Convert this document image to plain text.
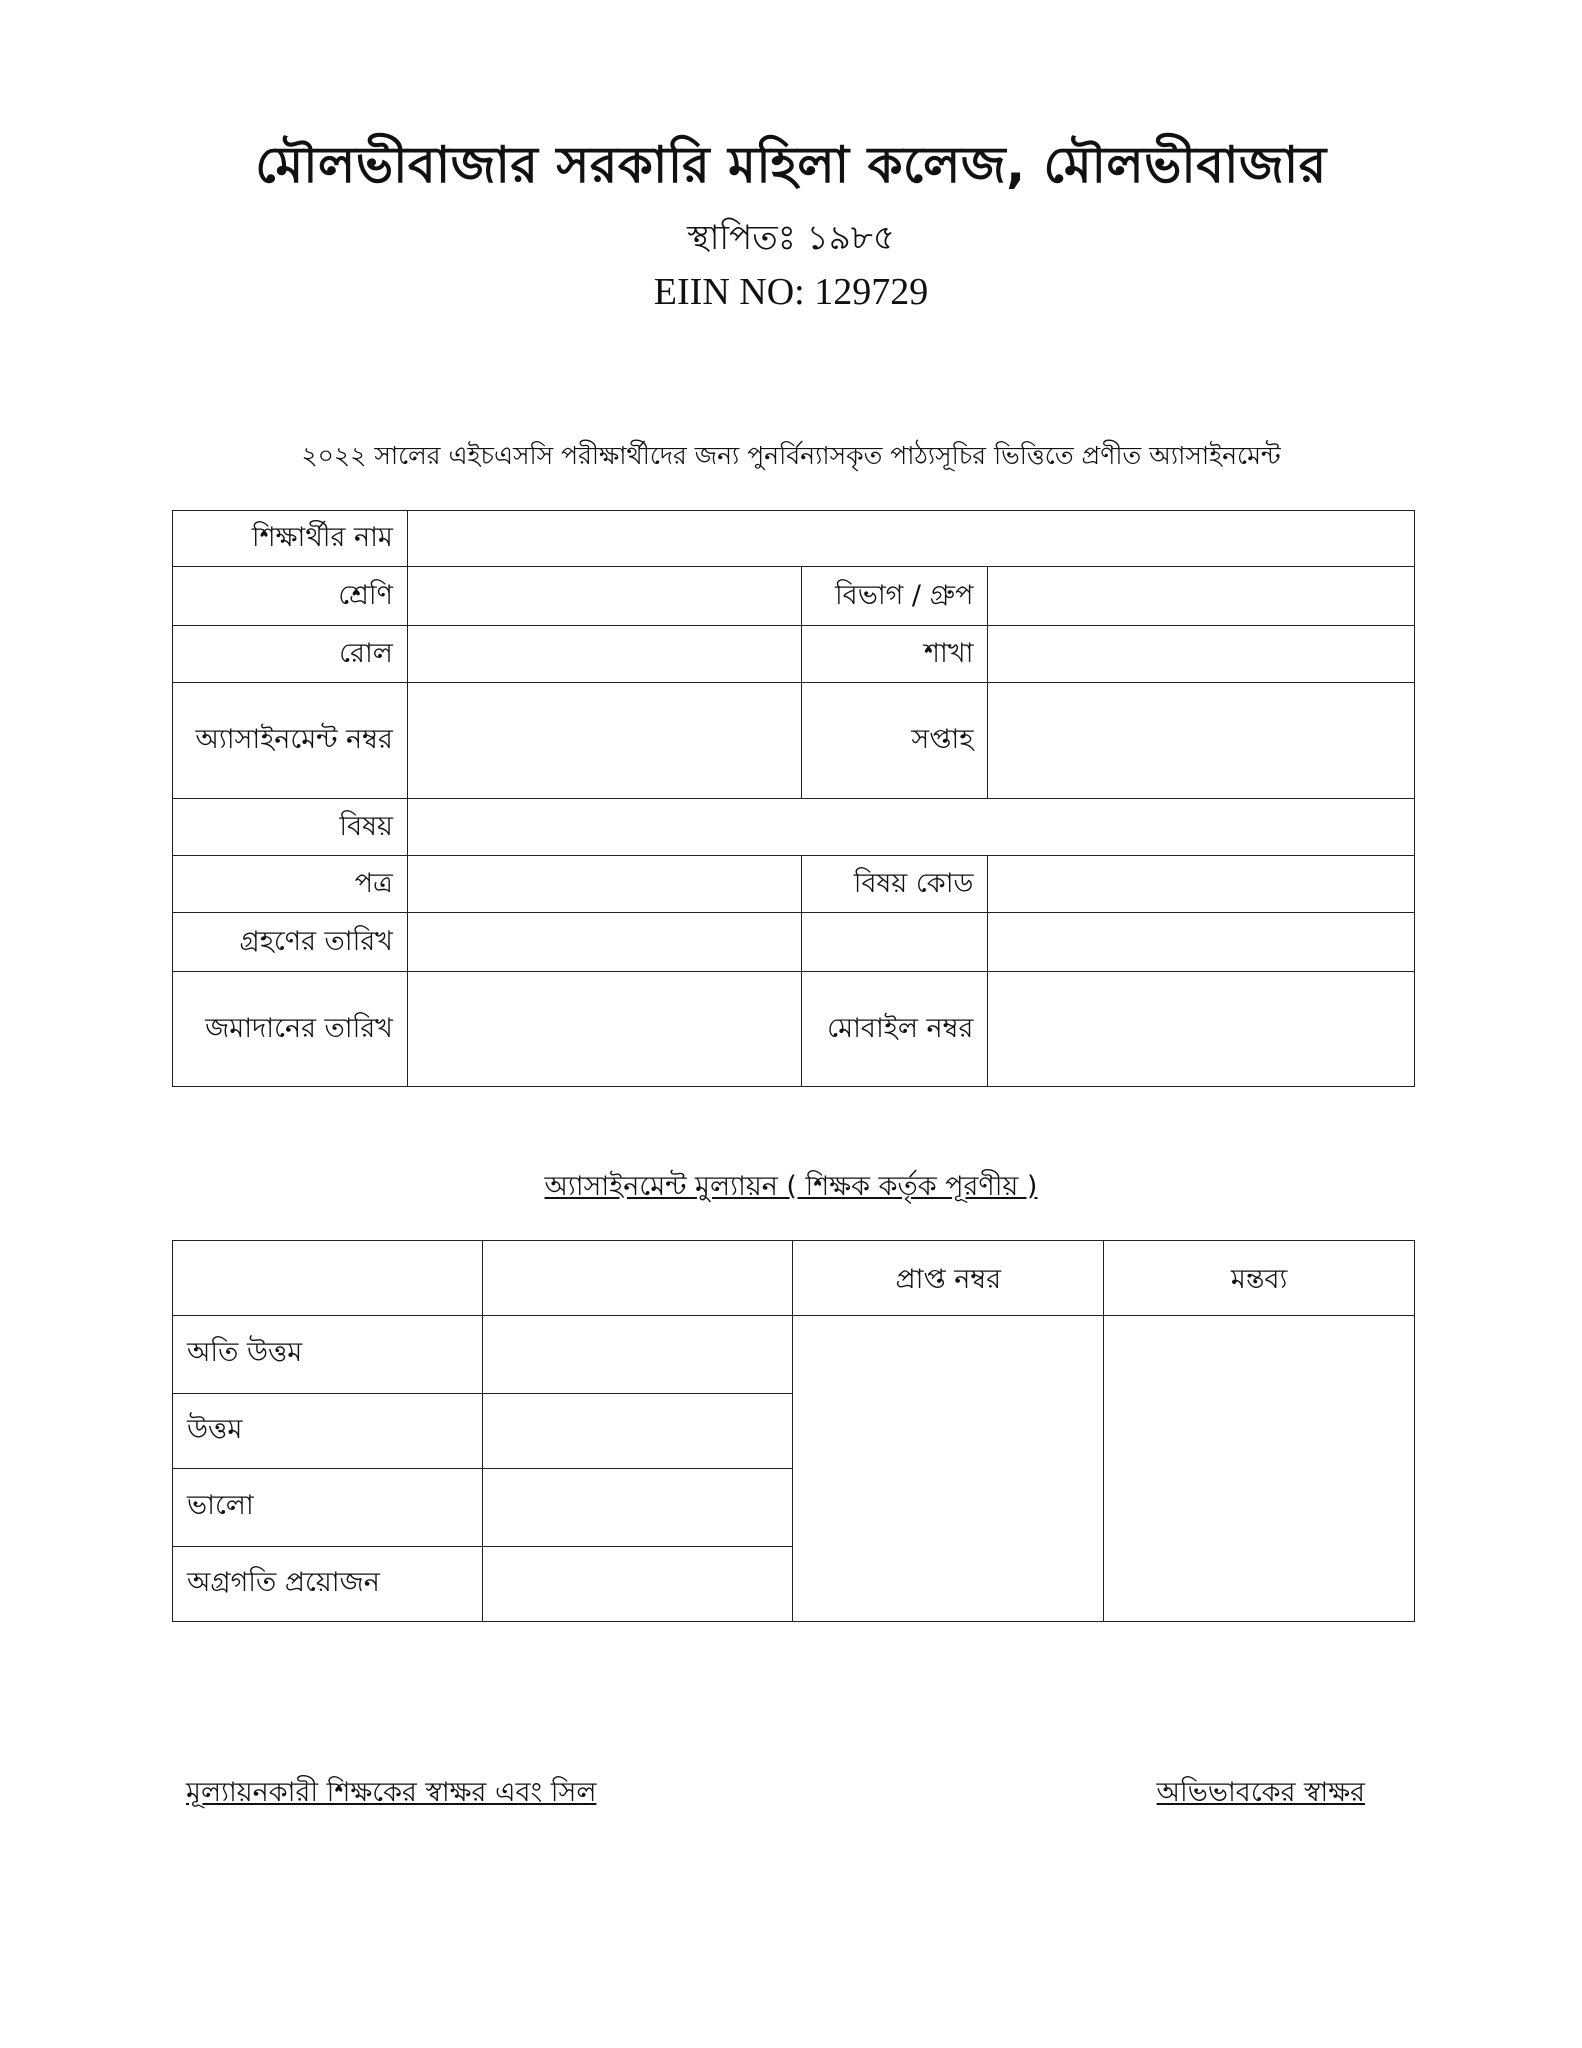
মৌলভীবাজার সরকারি মহিলা কলেজ, মৌলভীবাজার
স্থাপিতঃ ১৯৮৫
EIIN NO: 129729
২০২২ সালের এইচএসসি পরীক্ষার্থীদের জন্য পুনর্বিন্যাসকৃত পাঠ্যসূচির ভিত্তিতে প্রণীত অ্যাসাইনমেন্ট
শিক্ষার্থীর নাম			
শ্রেণি		বিভাগ / গ্রুপ	
রোল		শাখা	
অ্যাসাইনমেন্ট নম্বর		সপ্তাহ	
বিষয়			
পত্র		বিষয় কোড	
গ্রহণের তারিখ			
জমাদানের তারিখ		মোবাইল নম্বর	
অ্যাসাইনমেন্ট মুল্যায়ন ( শিক্ষক কর্তৃক পূরণীয় )
		প্রাপ্ত নম্বর	মন্তব্য
অতি উত্তম			
উত্তম			
ভালো			
অগ্রগতি প্রয়োজন			
মূল্যায়নকারী শিক্ষকের স্বাক্ষর এবং সিল	অভিভাবকের স্বাক্ষর
